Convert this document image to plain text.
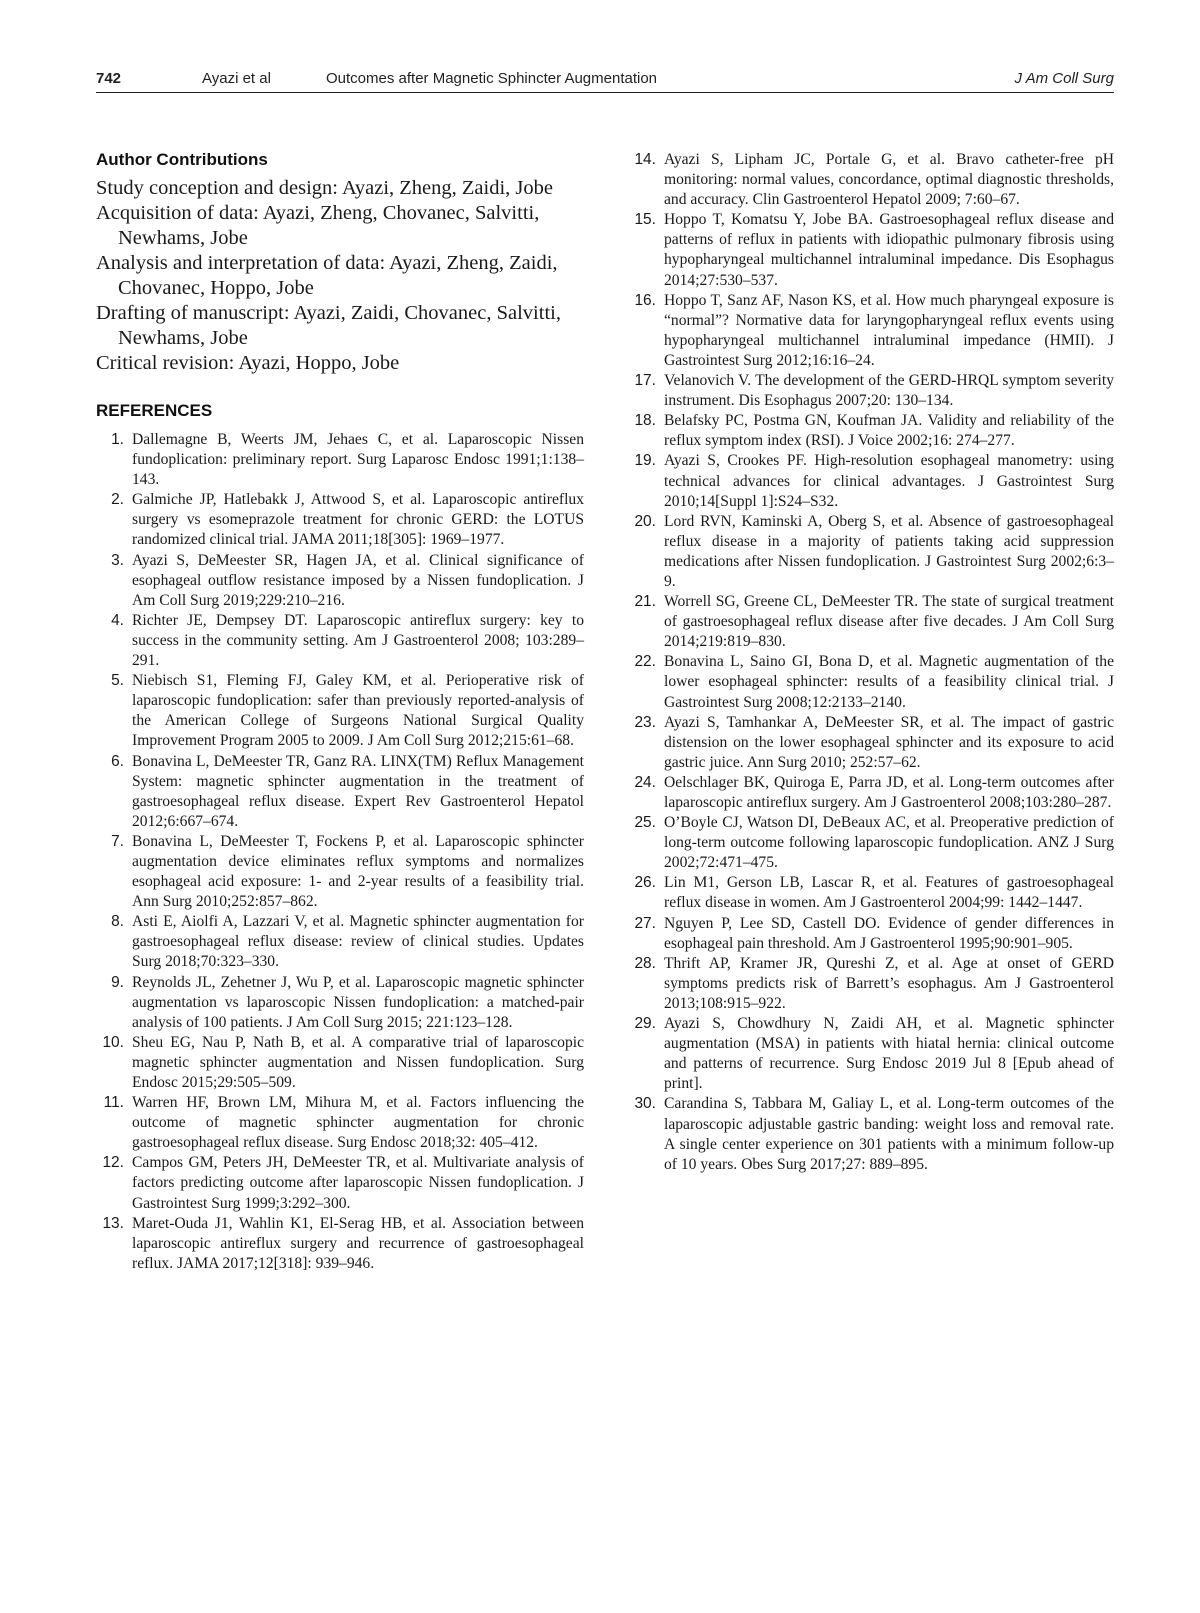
742	Ayazi et al	Outcomes after Magnetic Sphincter Augmentation	J Am Coll Surg
Author Contributions
Study conception and design: Ayazi, Zheng, Zaidi, Jobe
Acquisition of data: Ayazi, Zheng, Chovanec, Salvitti, Newhams, Jobe
Analysis and interpretation of data: Ayazi, Zheng, Zaidi, Chovanec, Hoppo, Jobe
Drafting of manuscript: Ayazi, Zaidi, Chovanec, Salvitti, Newhams, Jobe
Critical revision: Ayazi, Hoppo, Jobe
REFERENCES
1. Dallemagne B, Weerts JM, Jehaes C, et al. Laparoscopic Nissen fundoplication: preliminary report. Surg Laparosc Endosc 1991;1:138–143.
2. Galmiche JP, Hatlebakk J, Attwood S, et al. Laparoscopic antireflux surgery vs esomeprazole treatment for chronic GERD: the LOTUS randomized clinical trial. JAMA 2011;18[305]: 1969–1977.
3. Ayazi S, DeMeester SR, Hagen JA, et al. Clinical significance of esophageal outflow resistance imposed by a Nissen fundoplication. J Am Coll Surg 2019;229:210–216.
4. Richter JE, Dempsey DT. Laparoscopic antireflux surgery: key to success in the community setting. Am J Gastroenterol 2008; 103:289–291.
5. Niebisch S1, Fleming FJ, Galey KM, et al. Perioperative risk of laparoscopic fundoplication: safer than previously reported-analysis of the American College of Surgeons National Surgical Quality Improvement Program 2005 to 2009. J Am Coll Surg 2012;215:61–68.
6. Bonavina L, DeMeester TR, Ganz RA. LINX(TM) Reflux Management System: magnetic sphincter augmentation in the treatment of gastroesophageal reflux disease. Expert Rev Gastroenterol Hepatol 2012;6:667–674.
7. Bonavina L, DeMeester T, Fockens P, et al. Laparoscopic sphincter augmentation device eliminates reflux symptoms and normalizes esophageal acid exposure: 1- and 2-year results of a feasibility trial. Ann Surg 2010;252:857–862.
8. Asti E, Aiolfi A, Lazzari V, et al. Magnetic sphincter augmentation for gastroesophageal reflux disease: review of clinical studies. Updates Surg 2018;70:323–330.
9. Reynolds JL, Zehetner J, Wu P, et al. Laparoscopic magnetic sphincter augmentation vs laparoscopic Nissen fundoplication: a matched-pair analysis of 100 patients. J Am Coll Surg 2015; 221:123–128.
10. Sheu EG, Nau P, Nath B, et al. A comparative trial of laparoscopic magnetic sphincter augmentation and Nissen fundoplication. Surg Endosc 2015;29:505–509.
11. Warren HF, Brown LM, Mihura M, et al. Factors influencing the outcome of magnetic sphincter augmentation for chronic gastroesophageal reflux disease. Surg Endosc 2018;32: 405–412.
12. Campos GM, Peters JH, DeMeester TR, et al. Multivariate analysis of factors predicting outcome after laparoscopic Nissen fundoplication. J Gastrointest Surg 1999;3:292–300.
13. Maret-Ouda J1, Wahlin K1, El-Serag HB, et al. Association between laparoscopic antireflux surgery and recurrence of gastroesophageal reflux. JAMA 2017;12[318]: 939–946.
14. Ayazi S, Lipham JC, Portale G, et al. Bravo catheter-free pH monitoring: normal values, concordance, optimal diagnostic thresholds, and accuracy. Clin Gastroenterol Hepatol 2009; 7:60–67.
15. Hoppo T, Komatsu Y, Jobe BA. Gastroesophageal reflux disease and patterns of reflux in patients with idiopathic pulmonary fibrosis using hypopharyngeal multichannel intraluminal impedance. Dis Esophagus 2014;27:530–537.
16. Hoppo T, Sanz AF, Nason KS, et al. How much pharyngeal exposure is “normal”? Normative data for laryngopharyngeal reflux events using hypopharyngeal multichannel intraluminal impedance (HMII). J Gastrointest Surg 2012;16:16–24.
17. Velanovich V. The development of the GERD-HRQL symptom severity instrument. Dis Esophagus 2007;20: 130–134.
18. Belafsky PC, Postma GN, Koufman JA. Validity and reliability of the reflux symptom index (RSI). J Voice 2002;16: 274–277.
19. Ayazi S, Crookes PF. High-resolution esophageal manometry: using technical advances for clinical advantages. J Gastrointest Surg 2010;14[Suppl 1]:S24–S32.
20. Lord RVN, Kaminski A, Oberg S, et al. Absence of gastroesophageal reflux disease in a majority of patients taking acid suppression medications after Nissen fundoplication. J Gastrointest Surg 2002;6:3–9.
21. Worrell SG, Greene CL, DeMeester TR. The state of surgical treatment of gastroesophageal reflux disease after five decades. J Am Coll Surg 2014;219:819–830.
22. Bonavina L, Saino GI, Bona D, et al. Magnetic augmentation of the lower esophageal sphincter: results of a feasibility clinical trial. J Gastrointest Surg 2008;12:2133–2140.
23. Ayazi S, Tamhankar A, DeMeester SR, et al. The impact of gastric distension on the lower esophageal sphincter and its exposure to acid gastric juice. Ann Surg 2010; 252:57–62.
24. Oelschlager BK, Quiroga E, Parra JD, et al. Long-term outcomes after laparoscopic antireflux surgery. Am J Gastroenterol 2008;103:280–287.
25. O’Boyle CJ, Watson DI, DeBeaux AC, et al. Preoperative prediction of long-term outcome following laparoscopic fundoplication. ANZ J Surg 2002;72:471–475.
26. Lin M1, Gerson LB, Lascar R, et al. Features of gastroesophageal reflux disease in women. Am J Gastroenterol 2004;99: 1442–1447.
27. Nguyen P, Lee SD, Castell DO. Evidence of gender differences in esophageal pain threshold. Am J Gastroenterol 1995;90:901–905.
28. Thrift AP, Kramer JR, Qureshi Z, et al. Age at onset of GERD symptoms predicts risk of Barrett’s esophagus. Am J Gastroenterol 2013;108:915–922.
29. Ayazi S, Chowdhury N, Zaidi AH, et al. Magnetic sphincter augmentation (MSA) in patients with hiatal hernia: clinical outcome and patterns of recurrence. Surg Endosc 2019 Jul 8 [Epub ahead of print].
30. Carandina S, Tabbara M, Galiay L, et al. Long-term outcomes of the laparoscopic adjustable gastric banding: weight loss and removal rate. A single center experience on 301 patients with a minimum follow-up of 10 years. Obes Surg 2017;27: 889–895.
